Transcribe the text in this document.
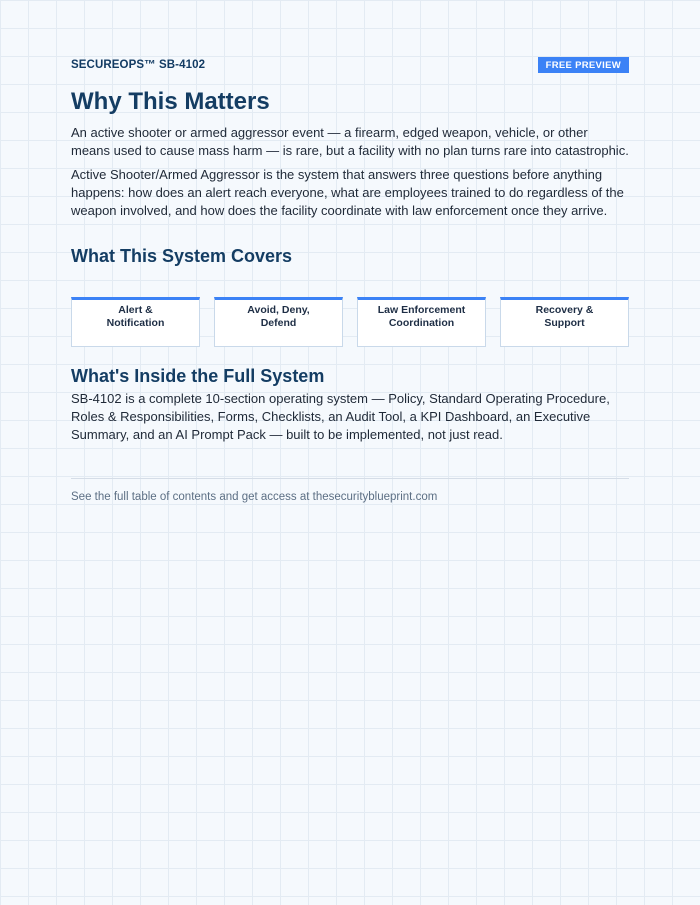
SECUREOPS™ SB-4102	FREE PREVIEW
Why This Matters

An active shooter or armed aggressor event — a firearm, edged weapon, vehicle, or other means used to cause mass harm — is rare, but a facility with no plan turns rare into catastrophic.

Active Shooter/Armed Aggressor is the system that answers three questions before anything happens: how does an alert reach everyone, what are employees trained to do regardless of the weapon involved, and how does the facility coordinate with law enforcement once they arrive.

What This System Covers
Alert &
Notification
Avoid, Deny,
Defend
Law Enforcement
Coordination
Recovery &
Support
What's Inside the Full System

SB-4102 is a complete 10-section operating system — Policy, Standard Operating Procedure, Roles & Responsibilities, Forms, Checklists, an Audit Tool, a KPI Dashboard, an Executive Summary, and an AI Prompt Pack — built to be implemented, not just read.

See the full table of contents and get access at thesecurityblueprint.com
